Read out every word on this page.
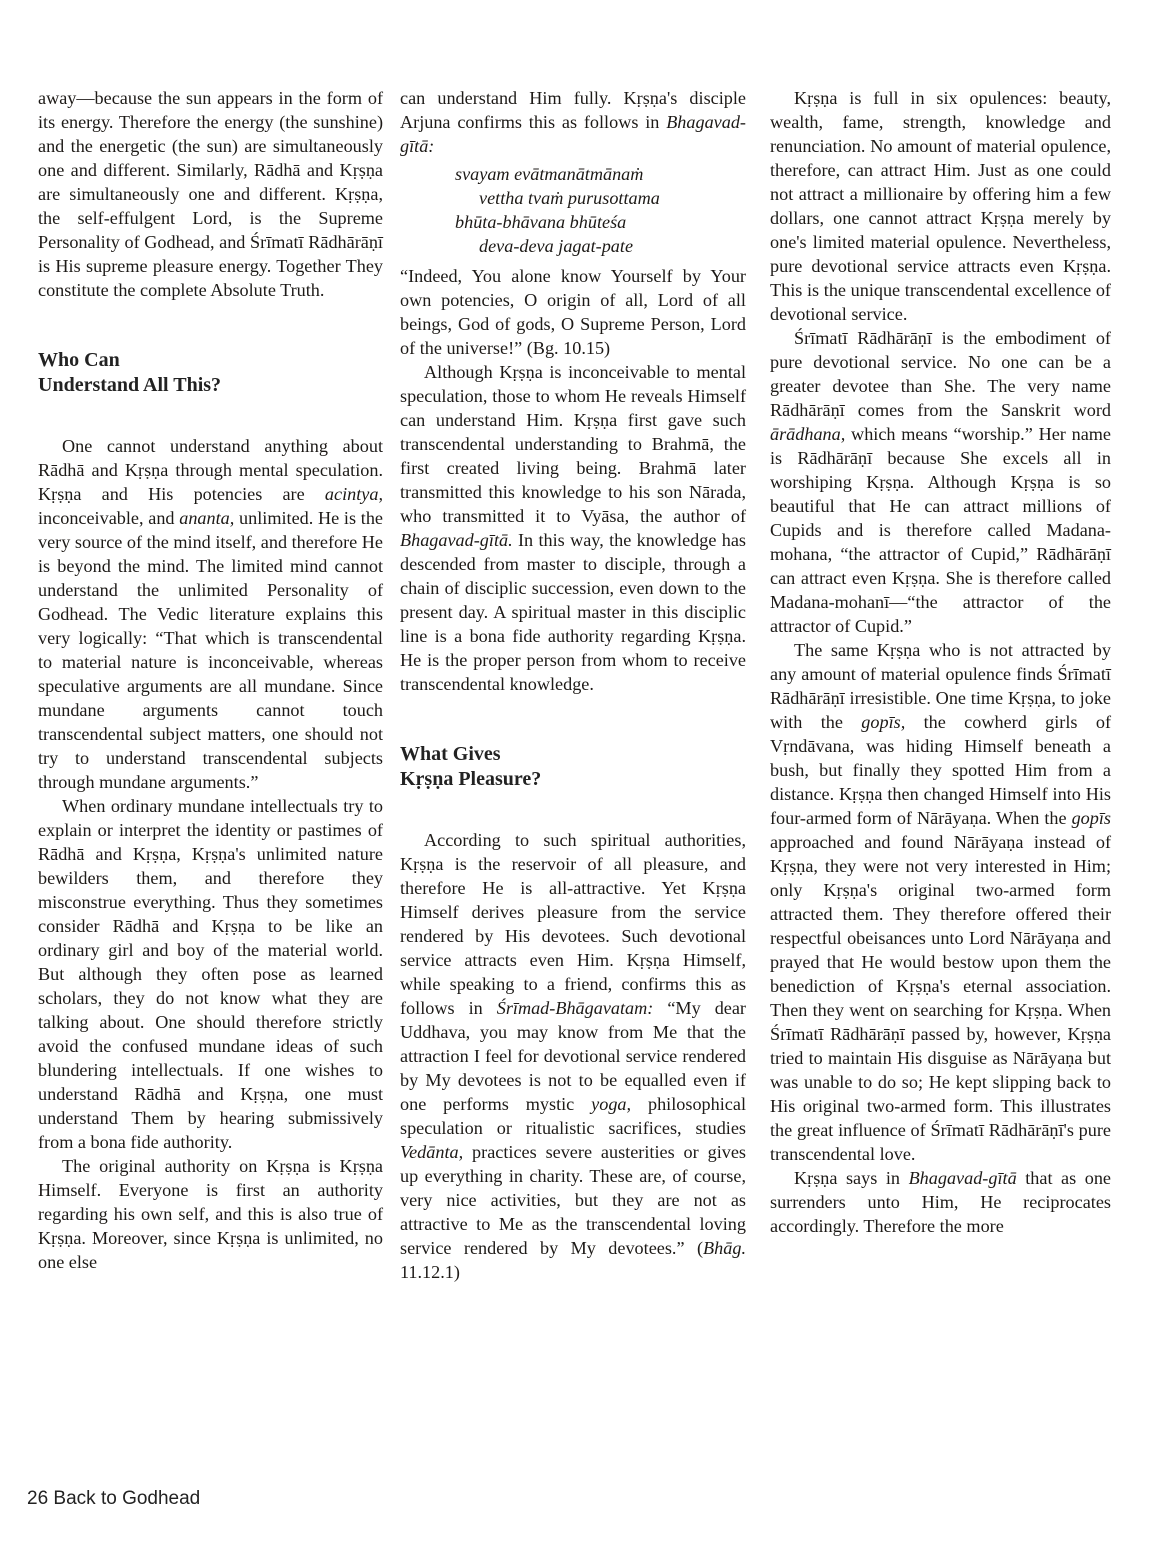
away—because the sun appears in the form of its energy. Therefore the energy (the sunshine) and the energetic (the sun) are simultaneously one and different. Similarly, Rādhā and Kṛṣṇa are simultaneously one and different. Kṛṣṇa, the self-effulgent Lord, is the Supreme Personality of Godhead, and Śrīmatī Rādhārāṇī is His supreme pleasure energy. Together They constitute the complete Absolute Truth.

Who Can
Understand All This?

One cannot understand anything about Rādhā and Kṛṣṇa through mental speculation. Kṛṣṇa and His potencies are acintya, inconceivable, and ananta, unlimited. He is the very source of the mind itself, and therefore He is beyond the mind. The limited mind cannot understand the unlimited Personality of Godhead. The Vedic literature explains this very logically: “That which is transcendental to material nature is inconceivable, whereas speculative arguments are all mundane. Since mundane arguments cannot touch transcendental subject matters, one should not try to understand transcendental subjects through mundane arguments.”

When ordinary mundane intellectuals try to explain or interpret the identity or pastimes of Rādhā and Kṛṣṇa, Kṛṣṇa's unlimited nature bewilders them, and therefore they misconstrue everything. Thus they sometimes consider Rādhā and Kṛṣṇa to be like an ordinary girl and boy of the material world. But although they often pose as learned scholars, they do not know what they are talking about. One should therefore strictly avoid the confused mundane ideas of such blundering intellectuals. If one wishes to understand Rādhā and Kṛṣṇa, one must understand Them by hearing submissively from a bona fide authority.

The original authority on Kṛṣṇa is Kṛṣṇa Himself. Everyone is first an authority regarding his own self, and this is also true of Kṛṣṇa. Moreover, since Kṛṣṇa is unlimited, no one else

can understand Him fully. Kṛṣṇa's disciple Arjuna confirms this as follows in Bhagavad-gītā:

svayam evātmanātmānaṁ
vettha tvaṁ purusottama
bhūta-bhāvana bhūteśa
deva-deva jagat-pate

“Indeed, You alone know Yourself by Your own potencies, O origin of all, Lord of all beings, God of gods, O Supreme Person, Lord of the universe!” (Bg. 10.15)

Although Kṛṣṇa is inconceivable to mental speculation, those to whom He reveals Himself can understand Him. Kṛṣṇa first gave such transcendental understanding to Brahmā, the first created living being. Brahmā later transmitted this knowledge to his son Nārada, who transmitted it to Vyāsa, the author of Bhagavad-gītā. In this way, the knowledge has descended from master to disciple, through a chain of disciplic succession, even down to the present day. A spiritual master in this disciplic line is a bona fide authority regarding Kṛṣṇa. He is the proper person from whom to receive transcendental knowledge.

What Gives
Kṛṣṇa Pleasure?

According to such spiritual authorities, Kṛṣṇa is the reservoir of all pleasure, and therefore He is all-attractive. Yet Kṛṣṇa Himself derives pleasure from the service rendered by His devotees. Such devotional service attracts even Him. Kṛṣṇa Himself, while speaking to a friend, confirms this as follows in Śrīmad-Bhāgavatam: “My dear Uddhava, you may know from Me that the attraction I feel for devotional service rendered by My devotees is not to be equalled even if one performs mystic yoga, philosophical speculation or ritualistic sacrifices, studies Vedānta, practices severe austerities or gives up everything in charity. These are, of course, very nice activities, but they are not as attractive to Me as the transcendental loving service rendered by My devotees.” (Bhāg. 11.12.1)

Kṛṣṇa is full in six opulences: beauty, wealth, fame, strength, knowledge and renunciation. No amount of material opulence, therefore, can attract Him. Just as one could not attract a millionaire by offering him a few dollars, one cannot attract Kṛṣṇa merely by one's limited material opulence. Nevertheless, pure devotional service attracts even Kṛṣṇa. This is the unique transcendental excellence of devotional service.

Śrīmatī Rādhārāṇī is the embodiment of pure devotional service. No one can be a greater devotee than She. The very name Rādhārāṇī comes from the Sanskrit word ārādhana, which means “worship.” Her name is Rādhārāṇī because She excels all in worshiping Kṛṣṇa. Although Kṛṣṇa is so beautiful that He can attract millions of Cupids and is therefore called Madana-mohana, “the attractor of Cupid,” Rādhārāṇī can attract even Kṛṣṇa. She is therefore called Madana-mohanī—“the attractor of the attractor of Cupid.”

The same Kṛṣṇa who is not attracted by any amount of material opulence finds Śrīmatī Rādhārāṇī irresistible. One time Kṛṣṇa, to joke with the gopīs, the cowherd girls of Vṛndāvana, was hiding Himself beneath a bush, but finally they spotted Him from a distance. Kṛṣṇa then changed Himself into His four-armed form of Nārāyaṇa. When the gopīs approached and found Nārāyaṇa instead of Kṛṣṇa, they were not very interested in Him; only Kṛṣṇa's original two-armed form attracted them. They therefore offered their respectful obeisances unto Lord Nārāyaṇa and prayed that He would bestow upon them the benediction of Kṛṣṇa's eternal association. Then they went on searching for Kṛṣṇa. When Śrīmatī Rādhārāṇī passed by, however, Kṛṣṇa tried to maintain His disguise as Nārāyaṇa but was unable to do so; He kept slipping back to His original two-armed form. This illustrates the great influence of Śrīmatī Rādhārāṇī's pure transcendental love.

Kṛṣṇa says in Bhagavad-gītā that as one surrenders unto Him, He reciprocates accordingly. Therefore the more

26 Back to Godhead
